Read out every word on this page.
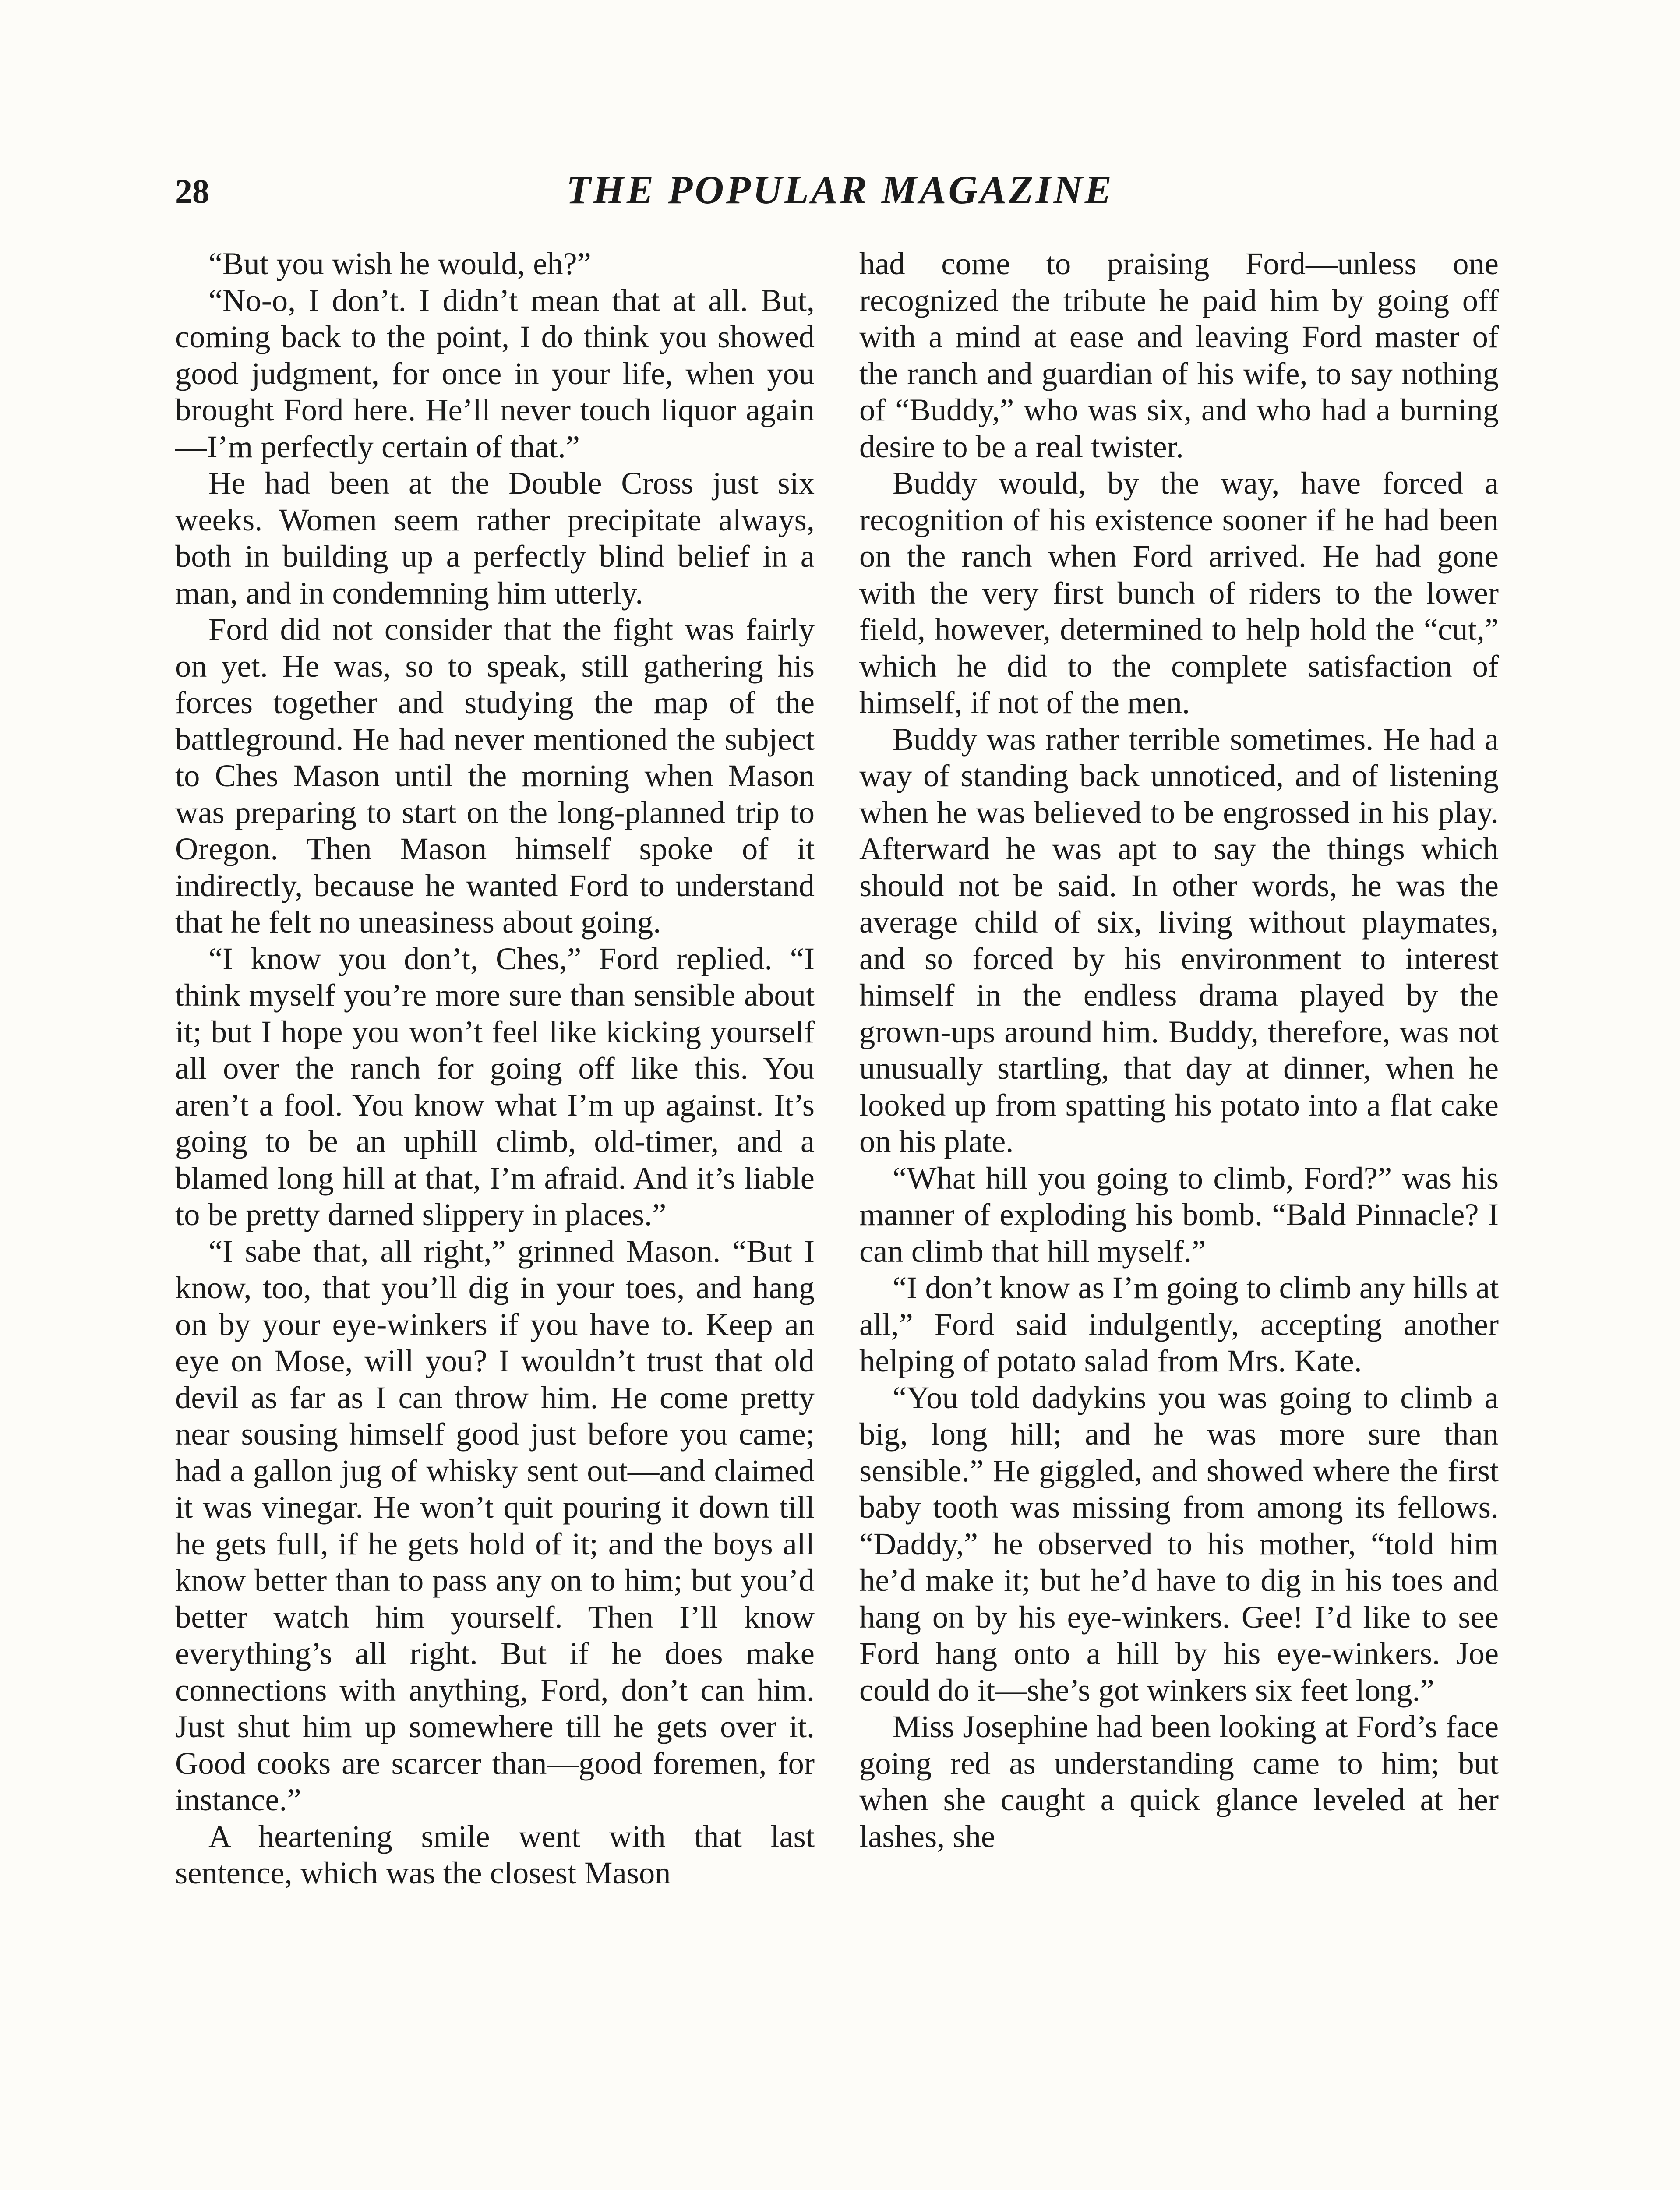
28	THE POPULAR MAGAZINE

“But you wish he would, eh?”

“No-o, I don’t. I didn’t mean that at all. But, coming back to the point, I do think you showed good judgment, for once in your life, when you brought Ford here. He’ll never touch liquor again—I’m perfectly certain of that.”

He had been at the Double Cross just six weeks. Women seem rather precipitate always, both in building up a perfectly blind belief in a man, and in condemning him utterly.

Ford did not consider that the fight was fairly on yet. He was, so to speak, still gathering his forces together and studying the map of the battleground. He had never mentioned the subject to Ches Mason until the morning when Mason was preparing to start on the long-planned trip to Oregon. Then Mason himself spoke of it indirectly, because he wanted Ford to understand that he felt no uneasiness about going.

“I know you don’t, Ches,” Ford replied. “I think myself you’re more sure than sensible about it; but I hope you won’t feel like kicking yourself all over the ranch for going off like this. You aren’t a fool. You know what I’m up against. It’s going to be an uphill climb, old-timer, and a blamed long hill at that, I’m afraid. And it’s liable to be pretty darned slippery in places.”

“I sabe that, all right,” grinned Mason. “But I know, too, that you’ll dig in your toes, and hang on by your eye-winkers if you have to. Keep an eye on Mose, will you? I wouldn’t trust that old devil as far as I can throw him. He come pretty near sousing himself good just before you came; had a gallon jug of whisky sent out—and claimed it was vinegar. He won’t quit pouring it down till he gets full, if he gets hold of it; and the boys all know better than to pass any on to him; but you’d better watch him yourself. Then I’ll know everything’s all right. But if he does make connections with anything, Ford, don’t can him. Just shut him up somewhere till he gets over it. Good cooks are scarcer than—good foremen, for instance.”

A heartening smile went with that last sentence, which was the closest Mason

had come to praising Ford—unless one recognized the tribute he paid him by going off with a mind at ease and leaving Ford master of the ranch and guardian of his wife, to say nothing of “Buddy,” who was six, and who had a burning desire to be a real twister.

Buddy would, by the way, have forced a recognition of his existence sooner if he had been on the ranch when Ford arrived. He had gone with the very first bunch of riders to the lower field, however, determined to help hold the “cut,” which he did to the complete satisfaction of himself, if not of the men.

Buddy was rather terrible sometimes. He had a way of standing back unnoticed, and of listening when he was believed to be engrossed in his play. Afterward he was apt to say the things which should not be said. In other words, he was the average child of six, living without playmates, and so forced by his environment to interest himself in the endless drama played by the grown-ups around him. Buddy, therefore, was not unusually startling, that day at dinner, when he looked up from spatting his potato into a flat cake on his plate.

“What hill you going to climb, Ford?” was his manner of exploding his bomb. “Bald Pinnacle? I can climb that hill myself.”

“I don’t know as I’m going to climb any hills at all,” Ford said indulgently, accepting another helping of potato salad from Mrs. Kate.

“You told dadykins you was going to climb a big, long hill; and he was more sure than sensible.” He giggled, and showed where the first baby tooth was missing from among its fellows. “Daddy,” he observed to his mother, “told him he’d make it; but he’d have to dig in his toes and hang on by his eye-winkers. Gee! I’d like to see Ford hang onto a hill by his eye-winkers. Joe could do it—she’s got winkers six feet long.”

Miss Josephine had been looking at Ford’s face going red as understanding came to him; but when she caught a quick glance leveled at her lashes, she
